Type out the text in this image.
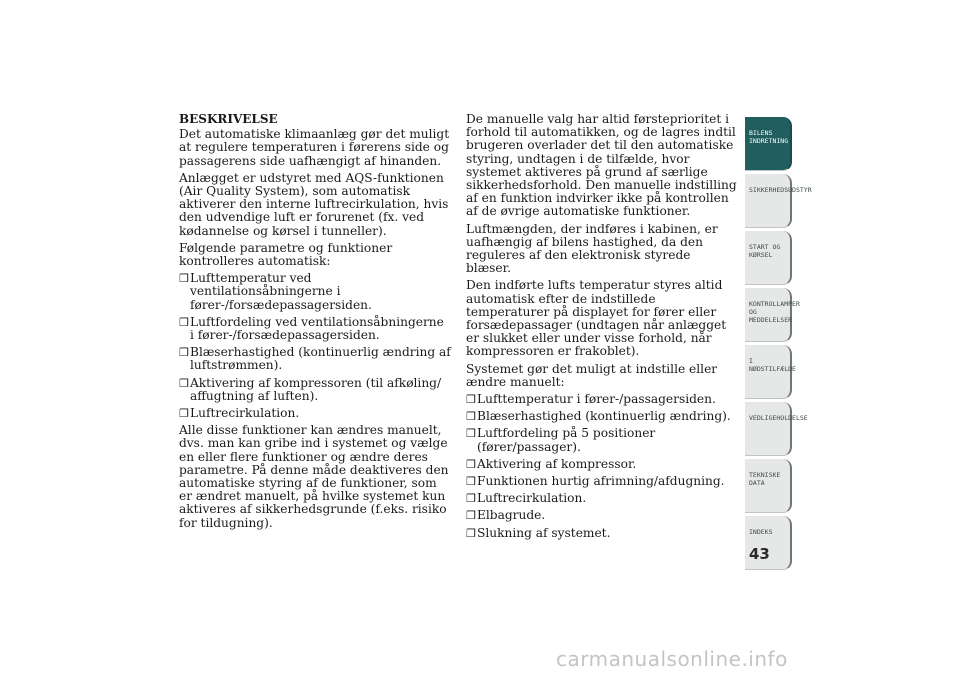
BESKRIVELSE

Det automatiske klimaanlæg gør det muligt at regulere temperaturen i førerens side og passagerens side uafhængigt af hinanden.

Anlægget er udstyret med AQS-funktionen (Air Quality System), som automatisk aktiverer den interne luftrecirkulation, hvis den udvendige luft er forurenet (fx. ved kødannelse og kørsel i tunneller).

Følgende parametre og funktioner kontrolleres automatisk:

❒ Lufttemperatur ved ventilationsåbningerne i fører-/forsædepassagersiden.
❒ Luftfordeling ved ventilationsåbningerne i fører-/forsædepassagersiden.
❒ Blæserhastighed (kontinuerlig ændring af luftstrømmen).
❒ Aktivering af kompressoren (til afkøling/ affugtning af luften).
❒ Luftrecirkulation.

Alle disse funktioner kan ændres manuelt, dvs. man kan gribe ind i systemet og vælge en eller flere funktioner og ændre deres parametre. På denne måde deaktiveres den automatiske styring af de funktioner, som er ændret manuelt, på hvilke systemet kun aktiveres af sikkerhedsgrunde (f.eks. risiko for tildugning).

De manuelle valg har altid førsteprioritet i forhold til automatikken, og de lagres indtil brugeren overlader det til den automatiske styring, undtagen i de tilfælde, hvor systemet aktiveres på grund af særlige sikkerhedsforhold. Den manuelle indstilling af en funktion indvirker ikke på kontrollen af de øvrige automatiske funktioner.

Luftmængden, der indføres i kabinen, er uafhængig af bilens hastighed, da den reguleres af den elektronisk styrede blæser.

Den indførte lufts temperatur styres altid automatisk efter de indstillede temperaturer på displayet for fører eller forsædepassager (undtagen når anlægget er slukket eller under visse forhold, når kompressoren er frakoblet).

Systemet gør det muligt at indstille eller ændre manuelt:

❒ Lufttemperatur i fører-/passagersiden.
❒ Blæserhastighed (kontinuerlig ændring).
❒ Luftfordeling på 5 positioner (fører/passager).
❒ Aktivering af kompressor.
❒ Funktionen hurtig afrimning/afdugning.
❒ Luftrecirkulation.
❒ Elbagrude.
❒ Slukning af systemet.
BILENS
INDRETNING
SIKKERHEDSUDSTYR
START OG KØRSEL
KONTROLLAMPER
OG MEDDELELSER
I NØDSTILFÆLDE
VEDLIGEHOLDELSE
TEKNISKE DATA
INDEKS
43
carmanualsonline.info
